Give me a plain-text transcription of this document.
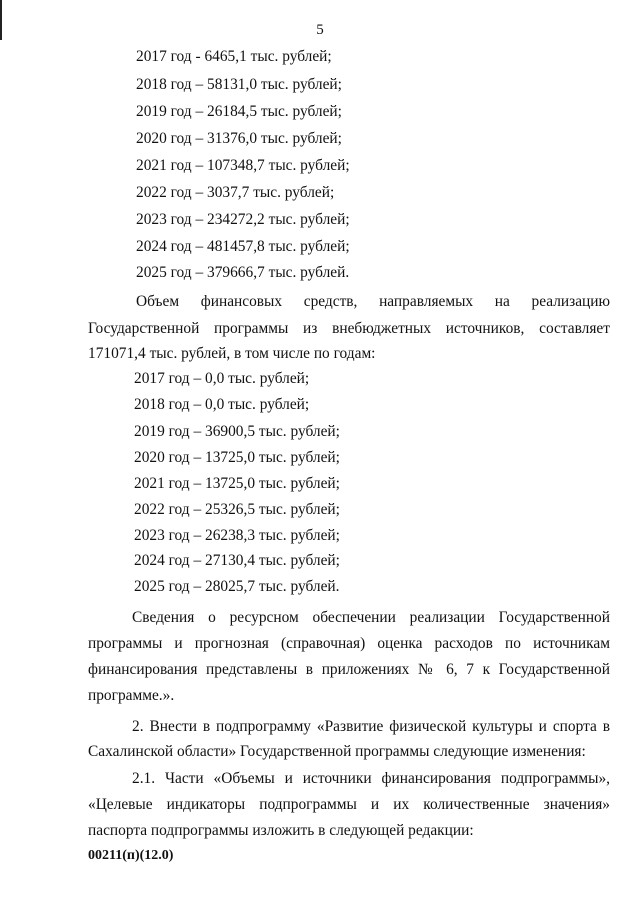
5
2017 год - 6465,1 тыс. рублей;
2018 год – 58131,0 тыс. рублей;
2019 год – 26184,5 тыс. рублей;
2020 год – 31376,0 тыс. рублей;
2021 год – 107348,7 тыс. рублей;
2022 год – 3037,7 тыс. рублей;
2023 год – 234272,2 тыс. рублей;
2024 год – 481457,8 тыс. рублей;
2025 год – 379666,7 тыс. рублей.
Объем финансовых средств, направляемых на реализацию
Государственной программы из внебюджетных источников, составляет
171071,4 тыс. рублей, в том числе по годам:
2017 год – 0,0 тыс. рублей;
2018 год – 0,0 тыс. рублей;
2019 год – 36900,5 тыс. рублей;
2020 год – 13725,0 тыс. рублей;
2021 год – 13725,0 тыс. рублей;
2022 год – 25326,5 тыс. рублей;
2023 год – 26238,3 тыс. рублей;
2024 год – 27130,4 тыс. рублей;
2025 год – 28025,7 тыс. рублей.
Сведения о ресурсном обеспечении реализации Государственной
программы и прогнозная (справочная) оценка расходов по источникам
финансирования представлены в приложениях № 6, 7 к Государственной
программе.».
2. Внести в подпрограмму «Развитие физической культуры и спорта в
Сахалинской области» Государственной программы следующие изменения:
2.1. Части «Объемы и источники финансирования подпрограммы»,
«Целевые индикаторы подпрограммы и их количественные значения»
паспорта подпрограммы изложить в следующей редакции:
00211(п)(12.0)
